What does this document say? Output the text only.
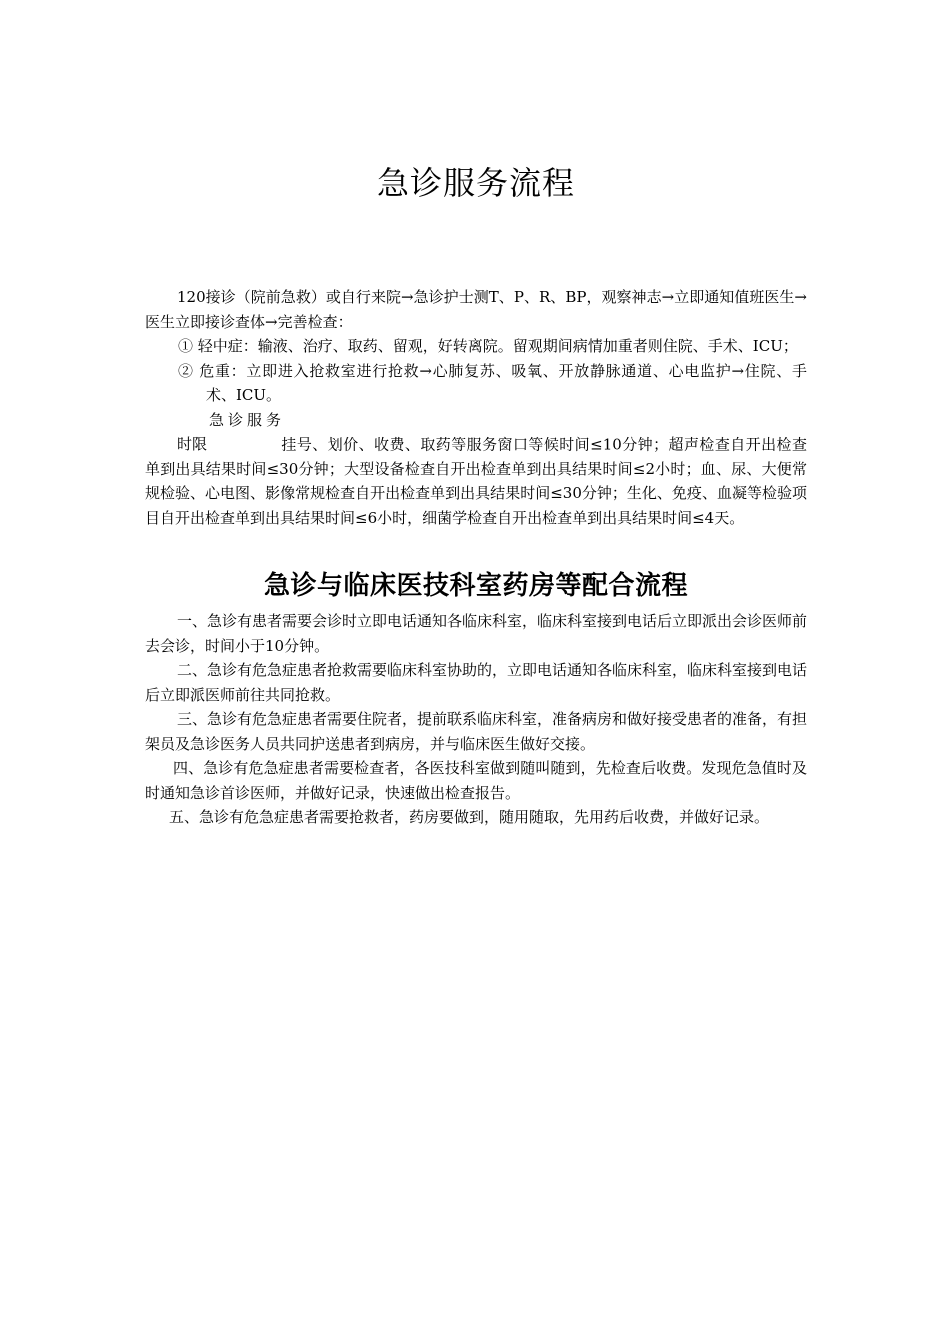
急诊服务流程

120接诊（院前急救）或自行来院→急诊护士测T、P、R、BP，观察神志→立即通知值班医生→医生立即接诊查体→完善检查：

① 轻中症：输液、治疗、取药、留观，好转离院。留观期间病情加重者则住院、手术、ICU；

② 危重：立即进入抢救室进行抢救→心肺复苏、吸氧、开放静脉通道、心电监护→住院、手术、ICU。

急诊服务时限	挂号、划价、收费、取药等服务窗口等候时间≤10分钟；超声检查自开出检查单到出具结果时间≤30分钟；大型设备检查自开出检查单到出具结果时间≤2小时；血、尿、大便常规检验、心电图、影像常规检查自开出检查单到出具结果时间≤30分钟；生化、免疫、血凝等检验项目自开出检查单到出具结果时间≤6小时，细菌学检查自开出检查单到出具结果时间≤4天。

急诊与临床医技科室药房等配合流程

一、急诊有患者需要会诊时立即电话通知各临床科室，临床科室接到电话后立即派出会诊医师前去会诊，时间小于10分钟。

二、急诊有危急症患者抢救需要临床科室协助的，立即电话通知各临床科室，临床科室接到电话后立即派医师前往共同抢救。

三、急诊有危急症患者需要住院者，提前联系临床科室，准备病房和做好接受患者的准备，有担架员及急诊医务人员共同护送患者到病房，并与临床医生做好交接。

四、急诊有危急症患者需要检查者，各医技科室做到随叫随到，先检查后收费。发现危急值时及时通知急诊首诊医师，并做好记录，快速做出检查报告。

五、急诊有危急症患者需要抢救者，药房要做到，随用随取，先用药后收费，并做好记录。
